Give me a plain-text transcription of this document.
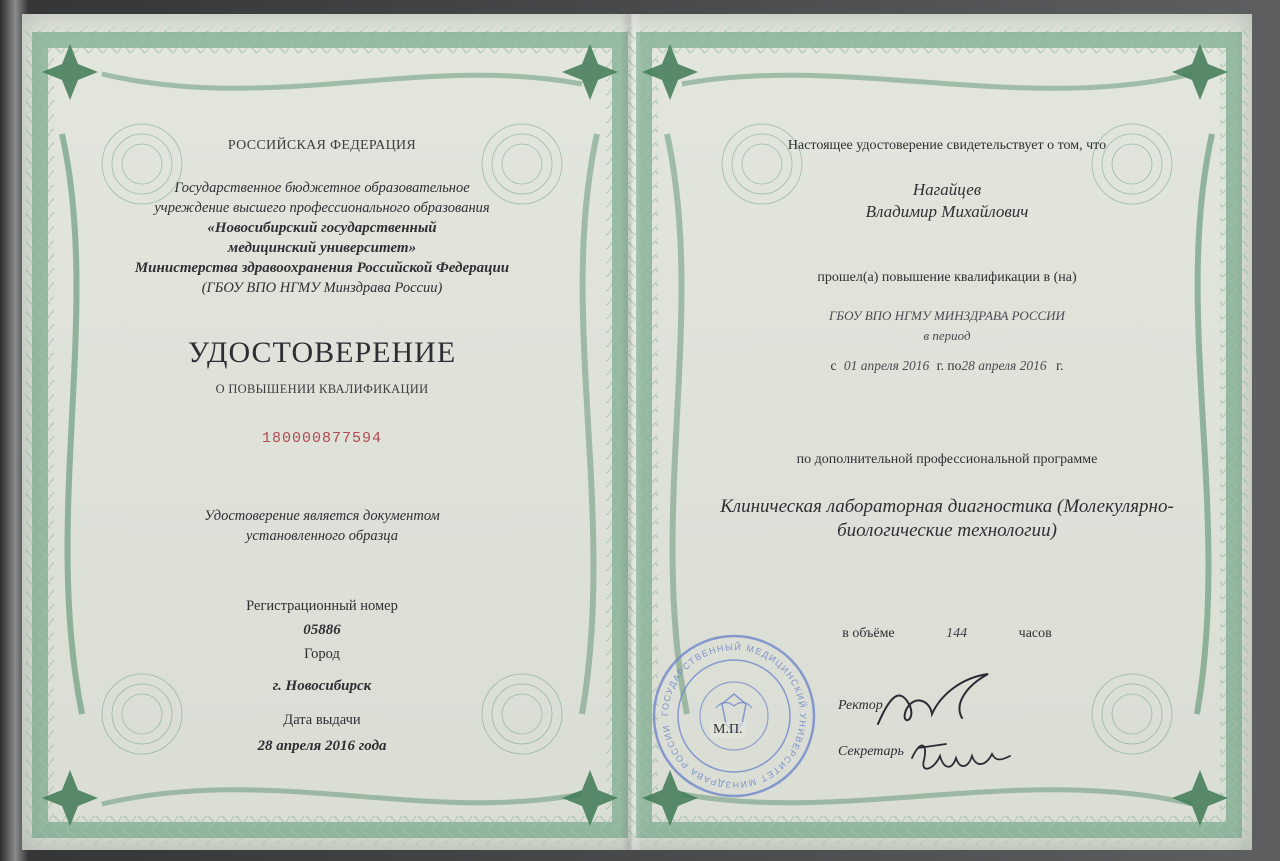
РОССИЙСКАЯ ФЕДЕРАЦИЯ
Государственное бюджетное образовательное
учреждение высшего профессионального образования
«Новосибирский государственный
медицинский университет»
Министерства здравоохранения Российской Федерации
(ГБОУ ВПО НГМУ Минздрава России)
УДОСТОВЕРЕНИЕ
О ПОВЫШЕНИИ КВАЛИФИКАЦИИ
180000877594
Удостоверение является документом
установленного образца
Регистрационный номер
05886
Город
г. Новосибирск
Дата выдачи
28 апреля 2016 года
Настоящее удостоверение свидетельствует о том, что
Нагайцев
Владимир Михайлович
прошел(а) повышение квалификации в (на)
ГБОУ ВПО НГМУ МИНЗДРАВА РОССИИ
в период
с 01 апреля 2016 г. по28 апреля 2016 г.
по дополнительной профессиональной программе
Клиническая лабораторная диагностика (Молекулярно-
биологические технологии)
в объёме	144	часов
Ректор
Секретарь
ГОСУДАРСТВЕННЫЙ МЕДИЦИНСКИЙ УНИВЕРСИТЕТ МИНЗДРАВА РОССИИ	М.П.
